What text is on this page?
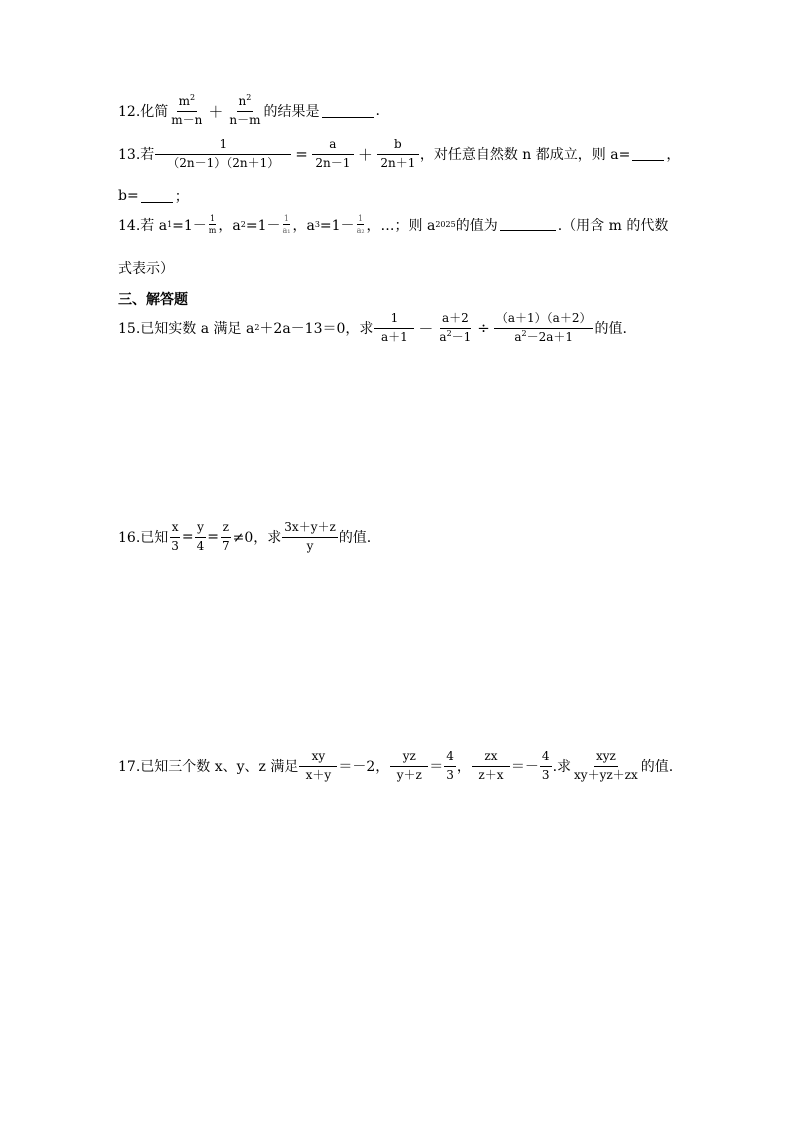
12.化简 $\frac{m^2}{m-n} + \frac{n^2}{n-m}$ 的结果是	.
13.若 $\frac{1}{(2n-1)(2n+1)} = \frac{a}{2n-1} + \frac{b}{2n+1}$ ，对任意自然数 n 都成立，则 a=	，
b=	；
14.若 a $1 =1- \frac{1}{m}$ ，a $2 =1- \frac{1}{\text{a₁}}$ ，a $3 =1- \frac{1}{\text{a₂}}$ ，…；则 a 2025 的值为	.（用含 m 的代数
式表示）
三、解答题
15.已知实数 a 满足 a 2 ＋2a－13＝0，求 $\frac{1}{a+1} - \frac{a+2}{a^2-1} \div \frac{(a+1)(a+2)}{a^2-2a+1}$ 的值.
16.已知 $\frac{x}{3} = \frac{y}{4} = \frac{z}{7} \ne 0$，求 $\frac{3x+y+z}{y}$ 的值.
17.已知三个数 x、y、z 满足 $\frac{xy}{x+y} =-2$， $\frac{yz}{y+z} = \frac{4}{3}$ ， $\frac{zx}{z+x} =- \frac{4}{3}$ .求 $\frac{\text{xyz}}{xy+yz+zx}$ 的值.
